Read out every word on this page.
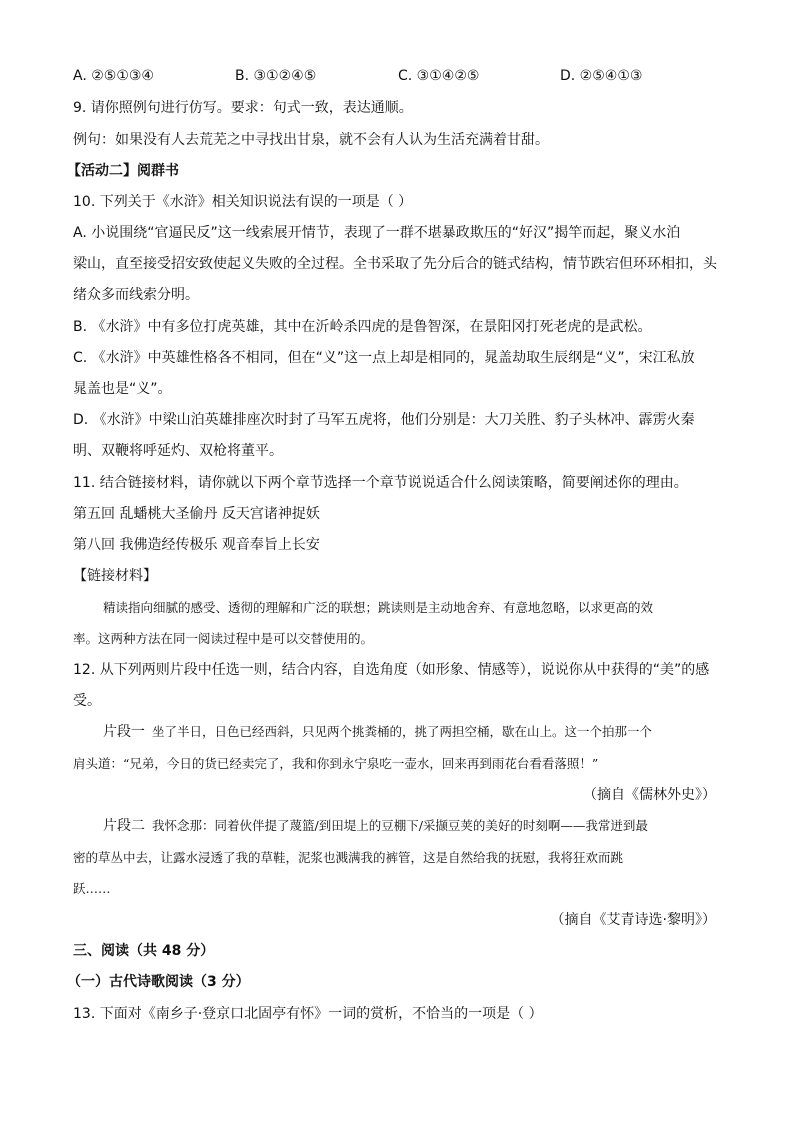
A. ②⑤①③④	B. ③①②④⑤	C. ③①④②⑤	D. ②⑤④①③
9. 请你照例句进行仿写。要求：句式一致，表达通顺。
例句：如果没有人去荒芜之中寻找出甘泉，就不会有人认为生活充满着甘甜。
【活动二】阅群书
10. 下列关于《水浒》相关知识说法有误的一项是（ ）
A. 小说围绕“官逼民反”这一线索展开情节，表现了一群不堪暴政欺压的“好汉”揭竿而起，聚义水泊
梁山，直至接受招安致使起义失败的全过程。全书采取了先分后合的链式结构，情节跌宕但环环相扣，头
绪众多而线索分明。
B. 《水浒》中有多位打虎英雄，其中在沂岭杀四虎的是鲁智深，在景阳冈打死老虎的是武松。
C. 《水浒》中英雄性格各不相同，但在“义”这一点上却是相同的，晁盖劫取生辰纲是“义”，宋江私放
晁盖也是“义”。
D. 《水浒》中梁山泊英雄排座次时封了马军五虎将，他们分别是：大刀关胜、豹子头林冲、霹雳火秦
明、双鞭将呼延灼、双枪将董平。
11. 结合链接材料，请你就以下两个章节选择一个章节说说适合什么阅读策略，简要阐述你的理由。
第五回 乱蟠桃大圣偷丹 反天宫诸神捉妖
第八回 我佛造经传极乐 观音奉旨上长安
【链接材料】
精读指向细腻的感受、透彻的理解和广泛的联想；跳读则是主动地舍弃、有意地忽略，以求更高的效
率。这两种方法在同一阅读过程中是可以交替使用的。
12. 从下列两则片段中任选一则，结合内容，自选角度（如形象、情感等），说说你从中获得的“美”的感
受。
片段一 坐了半日，日色已经西斜，只见两个挑粪桶的，挑了两担空桶，歇在山上。这一个拍那一个
肩头道：“兄弟，今日的货已经卖完了，我和你到永宁泉吃一壶水，回来再到雨花台看看落照！”
（摘自《儒林外史》）
片段二 我怀念那：同着伙伴提了蔑篮/到田堤上的豆棚下/采撷豆荚的美好的时刻啊——我常迸到最
密的草丛中去，让露水浸透了我的草鞋，泥浆也溅满我的裤管，这是自然给我的抚慰，我将狂欢而跳
跃……
（摘自《艾青诗选·黎明》）
三、阅读（共 48 分）
（一）古代诗歌阅读（3 分）
13. 下面对《南乡子·登京口北固亭有怀》一词的赏析，不恰当的一项是（ ）
